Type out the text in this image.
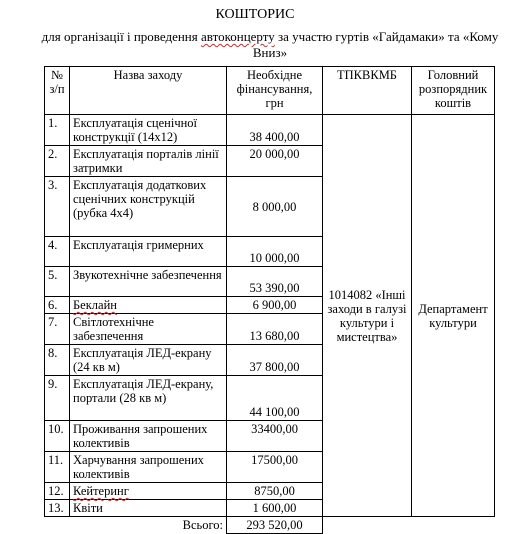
КОШТОРИС
для організації і проведення автоконцерту за участю гуртів «Гайдамаки» та «Кому Вниз»
№ з/п	Назва заходу	Необхідне фінансування, грн	ТПКВКМБ	Головний розпорядник коштів
1.	Експлуатація сценічної конструкції (14х12)	38 400,00	1014082 «Інші заходи в галузі культури і мистецтва»	Департамент культури
2.	Експлуатація порталів лінії затримки	20 000,00		
3.	Експлуатація додаткових сценічних конструкцій (рубка 4х4)	8 000,00		
4.	Експлуатація гримерних	10 000,00		
5.	Звукотехнічне забезпечення	53 390,00		
6.	Беклайн	6 900,00		
7.	Світлотехнічне забезпечення	13 680,00		
8.	Експлуатація ЛЕД-екрану (24 кв м)	37 800,00		
9.	Експлуатація ЛЕД-екрану, портали (28 кв м)	44 100,00		
10.	Проживання запрошених колективів	33400,00		
11.	Харчування запрошених колективів	17500,00		
12.	Кейтеринг	8750,00		
13.	Квіти	1 600,00		
	Всього:	293 520,00		
